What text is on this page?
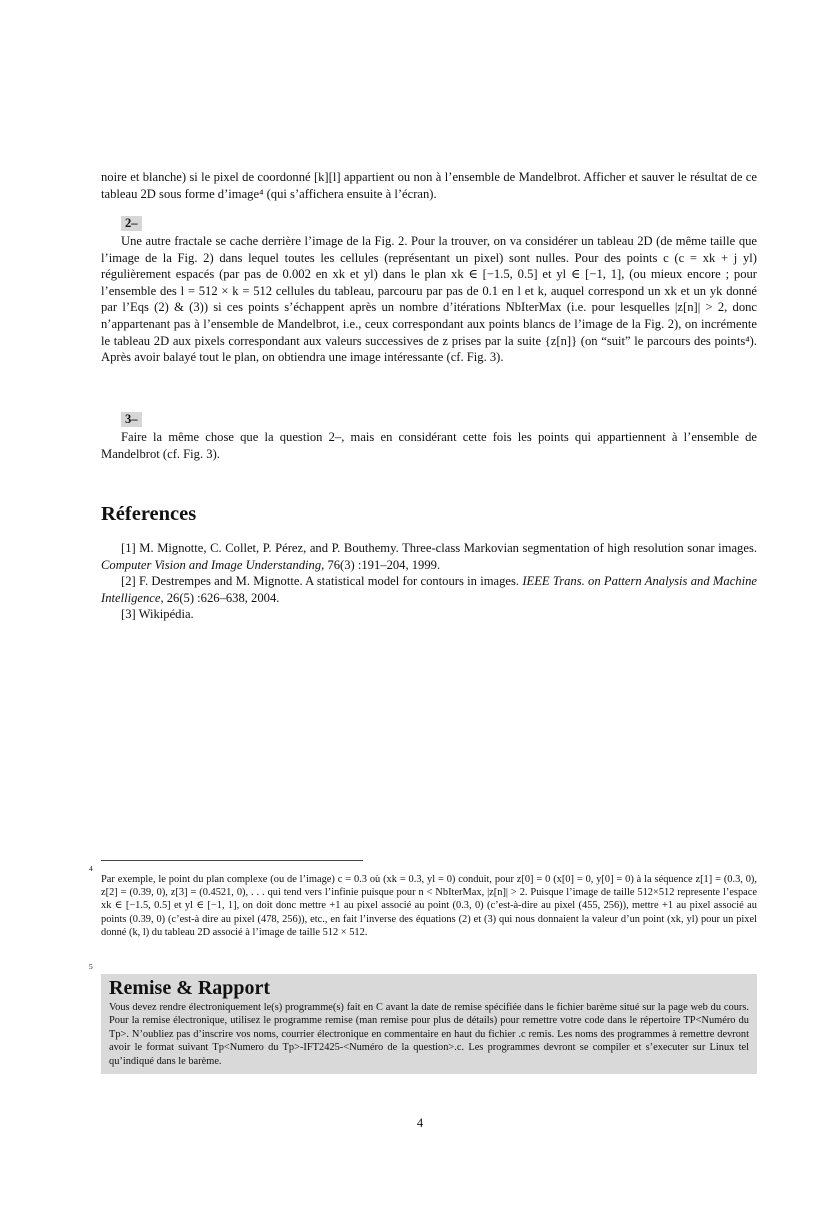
noire et blanche) si le pixel de coordonné [k][l] appartient ou non à l’ensemble de Mandelbrot. Afficher et sauver le résultat de ce tableau 2D sous forme d’image⁴ (qui s’affichera ensuite à l’écran).

2–

Une autre fractale se cache derrière l’image de la Fig. 2. Pour la trouver, on va considérer un tableau 2D (de même taille que l’image de la Fig. 2) dans lequel toutes les cellules (représentant un pixel) sont nulles. Pour des points c (c = xk + j yl) régulièrement espacés (par pas de 0.002 en xk et yl) dans le plan xk ∈ [−1.5, 0.5] et yl ∈ [−1, 1], (ou mieux encore ; pour l’ensemble des l = 512 × k = 512 cellules du tableau, parcouru par pas de 0.1 en l et k, auquel correspond un xk et un yk donné par l’Eqs (2) & (3)) si ces points s’échappent après un nombre d’itérations NbIterMax (i.e. pour lesquelles |z[n]| > 2, donc n’appartenant pas à l’ensemble de Mandelbrot, i.e., ceux correspondant aux points blancs de l’image de la Fig. 2), on incrémente le tableau 2D aux pixels correspondant aux valeurs successives de z prises par la suite {z[n]} (on “suit” le parcours des points⁴). Après avoir balayé tout le plan, on obtiendra une image intéressante (cf. Fig. 3).

3–

Faire la même chose que la question 2–, mais en considérant cette fois les points qui appartiennent à l’ensemble de Mandelbrot (cf. Fig. 3).

Réferences

[1] M. Mignotte, C. Collet, P. Pérez, and P. Bouthemy. Three-class Markovian segmentation of high resolution sonar images. Computer Vision and Image Understanding, 76(3) :191–204, 1999.

[2] F. Destrempes and M. Mignotte. A statistical model for contours in images. IEEE Trans. on Pattern Analysis and Machine Intelligence, 26(5) :626–638, 2004.

[3] Wikipédia.

4

Par exemple, le point du plan complexe (ou de l’image) c = 0.3 où (xk = 0.3, yl = 0) conduit, pour z[0] = 0 (x[0] = 0, y[0] = 0) à la séquence z[1] = (0.3, 0), z[2] = (0.39, 0), z[3] = (0.4521, 0), . . . qui tend vers l’infinie puisque pour n < NbIterMax, |z[n]| > 2. Puisque l’image de taille 512×512 represente l’espace xk ∈ [−1.5, 0.5] et yl ∈ [−1, 1], on doit donc mettre +1 au pixel associé au point (0.3, 0) (c’est-à-dire au pixel (455, 256)), mettre +1 au pixel associé au points (0.39, 0) (c’est-à dire au pixel (478, 256)), etc., en fait l’inverse des équations (2) et (3) qui nous donnaient la valeur d’un point (xk, yl) pour un pixel donné (k, l) du tableau 2D associé à l’image de taille 512 × 512.

5
Remise & Rapport

Vous devez rendre électroniquement le(s) programme(s) fait en C avant la date de remise spécifiée dans le fichier barème situé sur la page web du cours. Pour la remise électronique, utilisez le programme remise (man remise pour plus de détails) pour remettre votre code dans le répertoire TP<Numéro du Tp>. N’oubliez pas d’inscrire vos noms, courrier électronique en commentaire en haut du fichier .c remis. Les noms des programmes à remettre devront avoir le format suivant Tp<Numero du Tp>-IFT2425-<Numéro de la question>.c. Les programmes devront se compiler et s’executer sur Linux tel qu’indiqué dans le barème.

4
